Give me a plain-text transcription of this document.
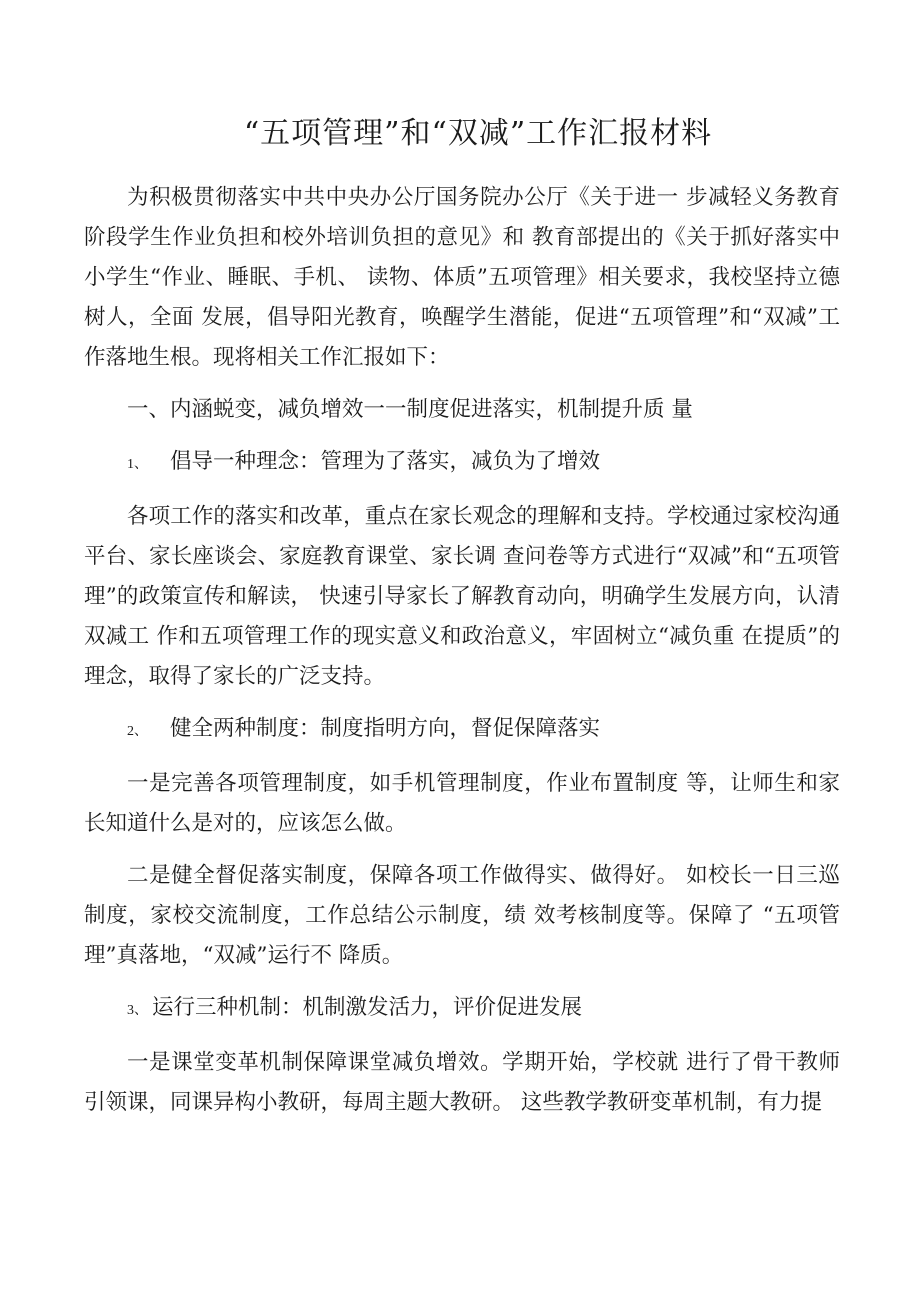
“五项管理”和“双减”工作汇报材料

为积极贯彻落实中共中央办公厅国务院办公厅《关于进一 步减轻义务教育阶段学生作业负担和校外培训负担的意见》和 教育部提出的《关于抓好落实中小学生“作业、睡眠、手机、 读物、体质”五项管理》相关要求，我校坚持立德树人，全面 发展，倡导阳光教育，唤醒学生潜能，促进“五项管理”和“双减”工作落地生根。现将相关工作汇报如下：

一、内涵蜕变，减负增效一一制度促进落实，机制提升质 量

1、 倡导一种理念：管理为了落实，减负为了增效

各项工作的落实和改革，重点在家长观念的理解和支持。学校通过家校沟通平台、家长座谈会、家庭教育课堂、家长调 查问卷等方式进行“双减”和“五项管理”的政策宣传和解读， 快速引导家长了解教育动向，明确学生发展方向，认清双减工 作和五项管理工作的现实意义和政治意义，牢固树立“减负重 在提质”的理念，取得了家长的广泛支持。

2、 健全两种制度：制度指明方向，督促保障落实

一是完善各项管理制度，如手机管理制度，作业布置制度 等，让师生和家长知道什么是对的，应该怎么做。

二是健全督促落实制度，保障各项工作做得实、做得好。 如校长一日三巡制度，家校交流制度，工作总结公示制度，绩 效考核制度等。保障了 “五项管理”真落地，“双减”运行不 降质。

3、 运行三种机制：机制激发活力，评价促进发展

一是课堂变革机制保障课堂减负增效。学期开始，学校就 进行了骨干教师引领课，同课异构小教研，每周主题大教研。 这些教学教研变革机制，有力提
